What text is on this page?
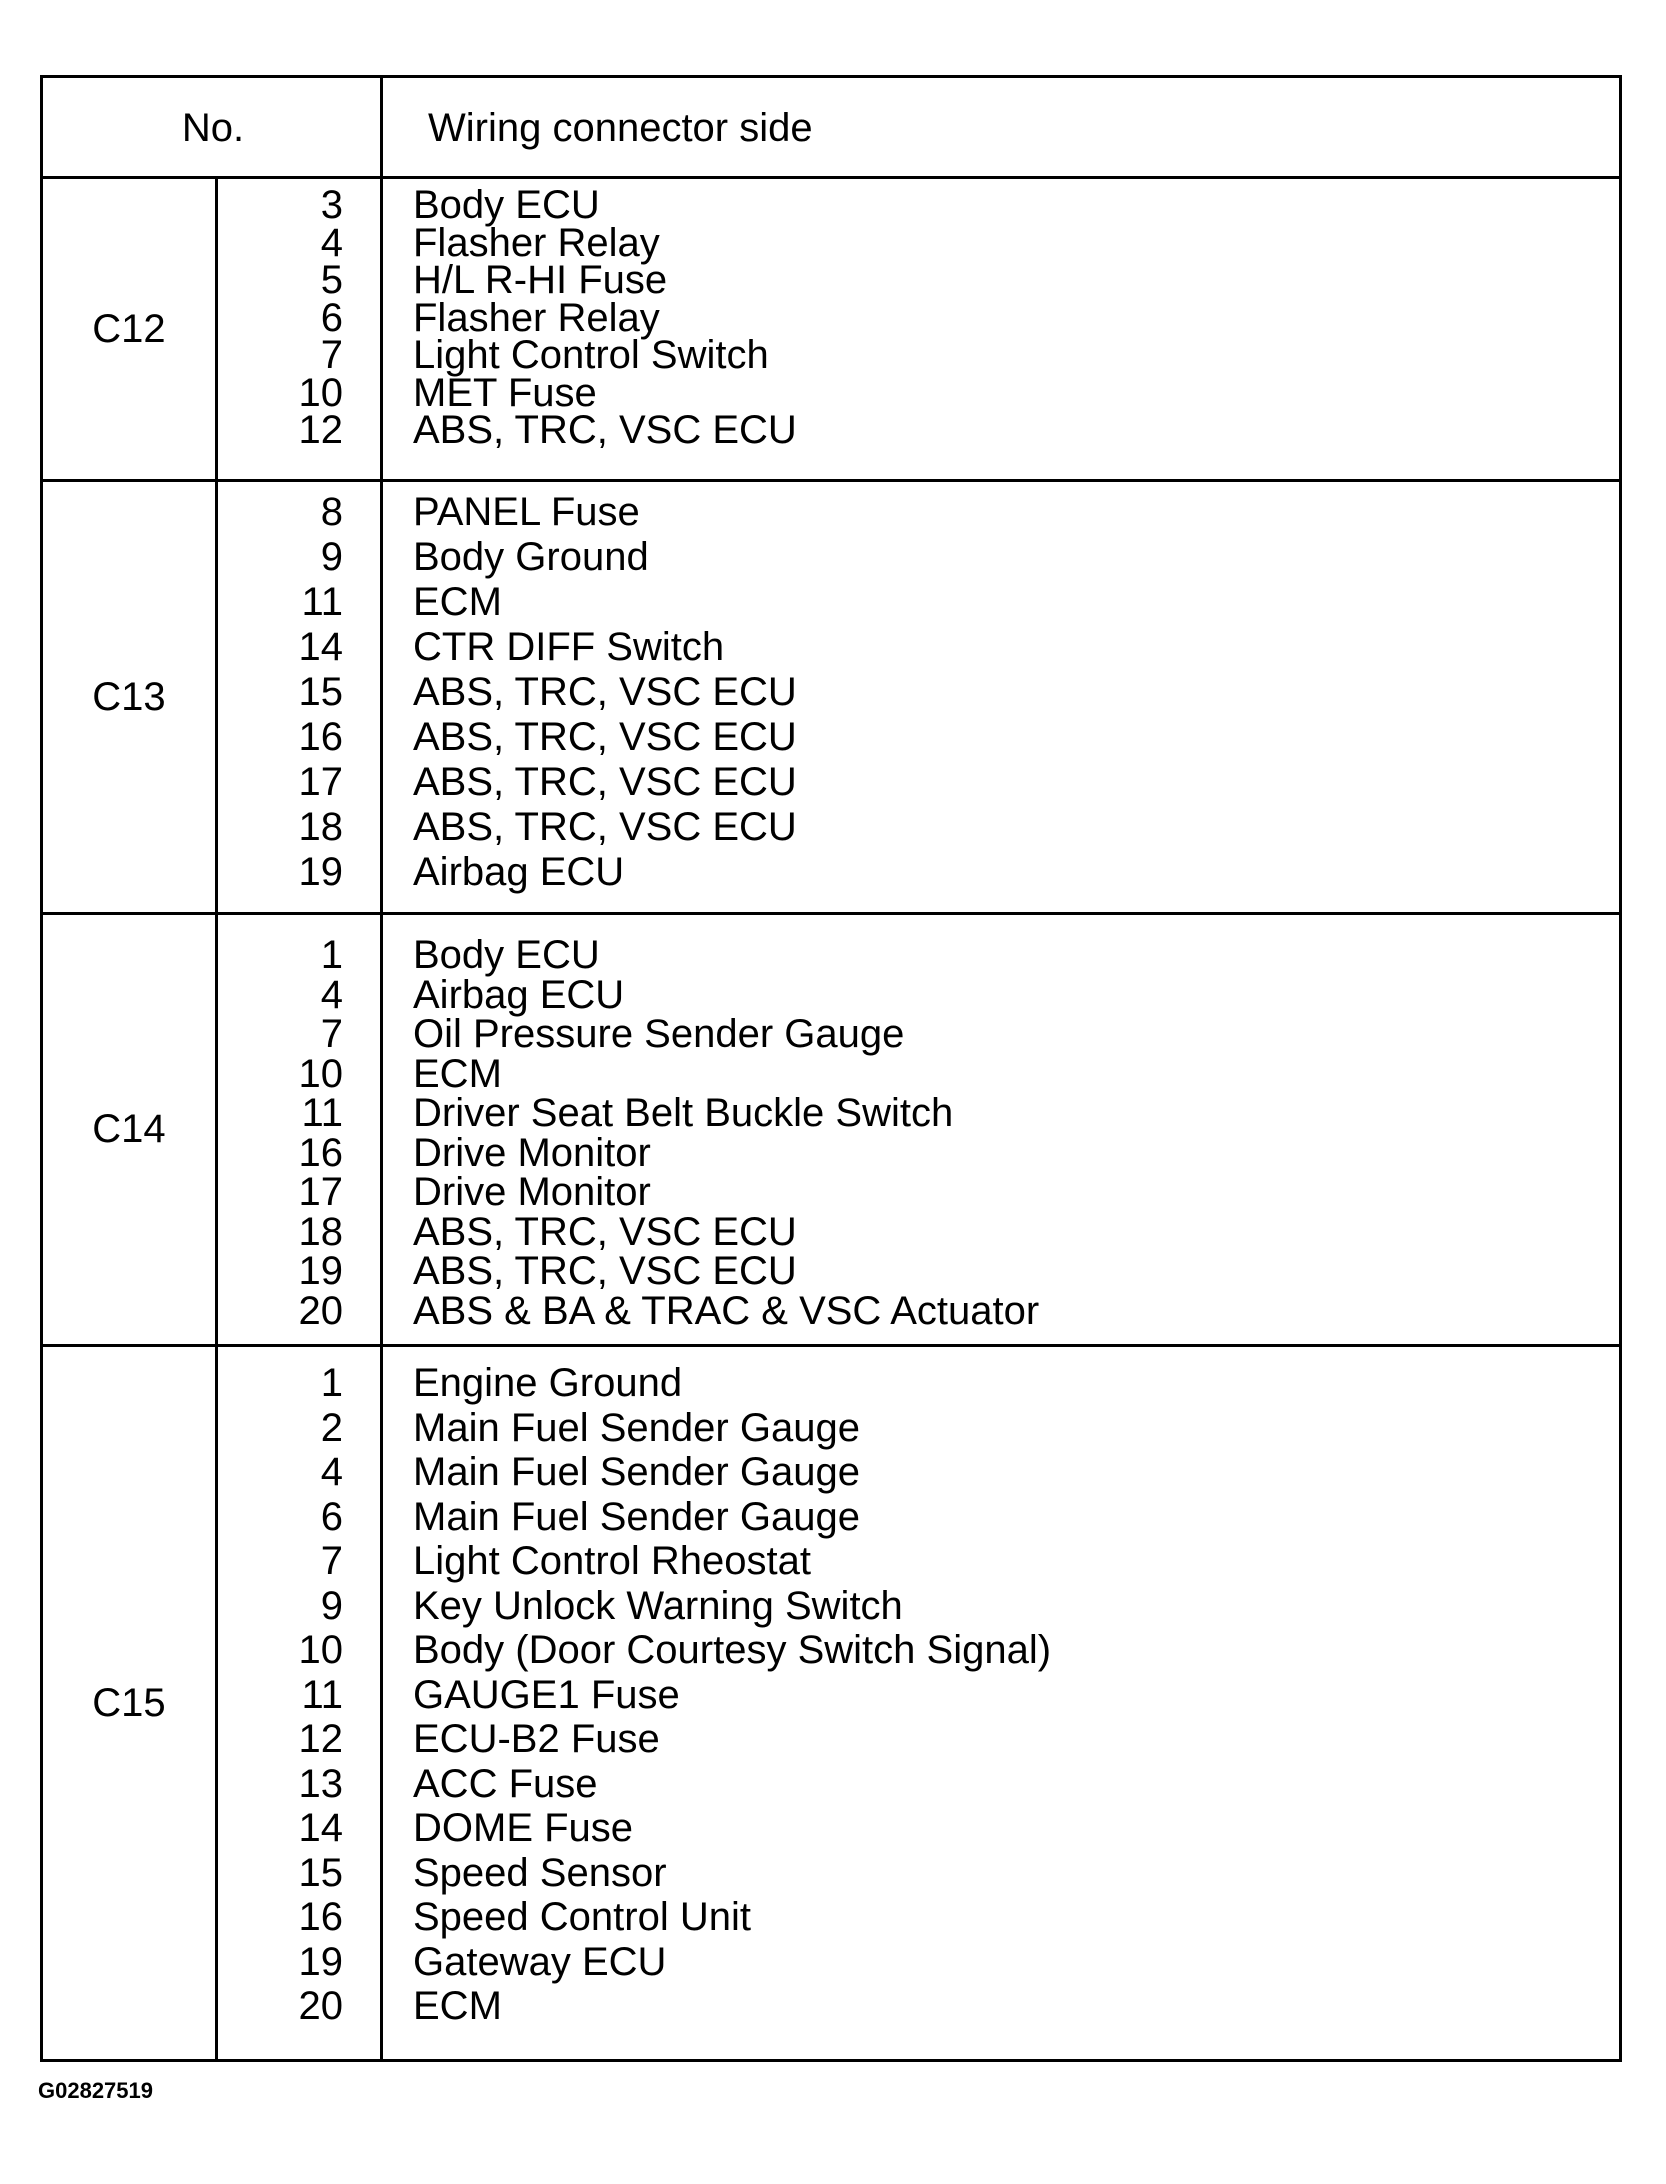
No.	Wiring connector side
C12
3
4
5
6
7
10
12
Body ECU
Flasher Relay
H/L R-HI Fuse
Flasher Relay
Light Control Switch
MET Fuse
ABS, TRC, VSC ECU
C13
8
9
11
14
15
16
17
18
19
PANEL Fuse
Body Ground
ECM
CTR DIFF Switch
ABS, TRC, VSC ECU
ABS, TRC, VSC ECU
ABS, TRC, VSC ECU
ABS, TRC, VSC ECU
Airbag ECU
C14
1
4
7
10
11
16
17
18
19
20
Body ECU
Airbag ECU
Oil Pressure Sender Gauge
ECM
Driver Seat Belt Buckle Switch
Drive Monitor
Drive Monitor
ABS, TRC, VSC ECU
ABS, TRC, VSC ECU
ABS & BA & TRAC & VSC Actuator
C15
1
2
4
6
7
9
10
11
12
13
14
15
16
19
20
Engine Ground
Main Fuel Sender Gauge
Main Fuel Sender Gauge
Main Fuel Sender Gauge
Light Control Rheostat
Key Unlock Warning Switch
Body (Door Courtesy Switch Signal)
GAUGE1 Fuse
ECU-B2 Fuse
ACC Fuse
DOME Fuse
Speed Sensor
Speed Control Unit
Gateway ECU
ECM
G02827519
